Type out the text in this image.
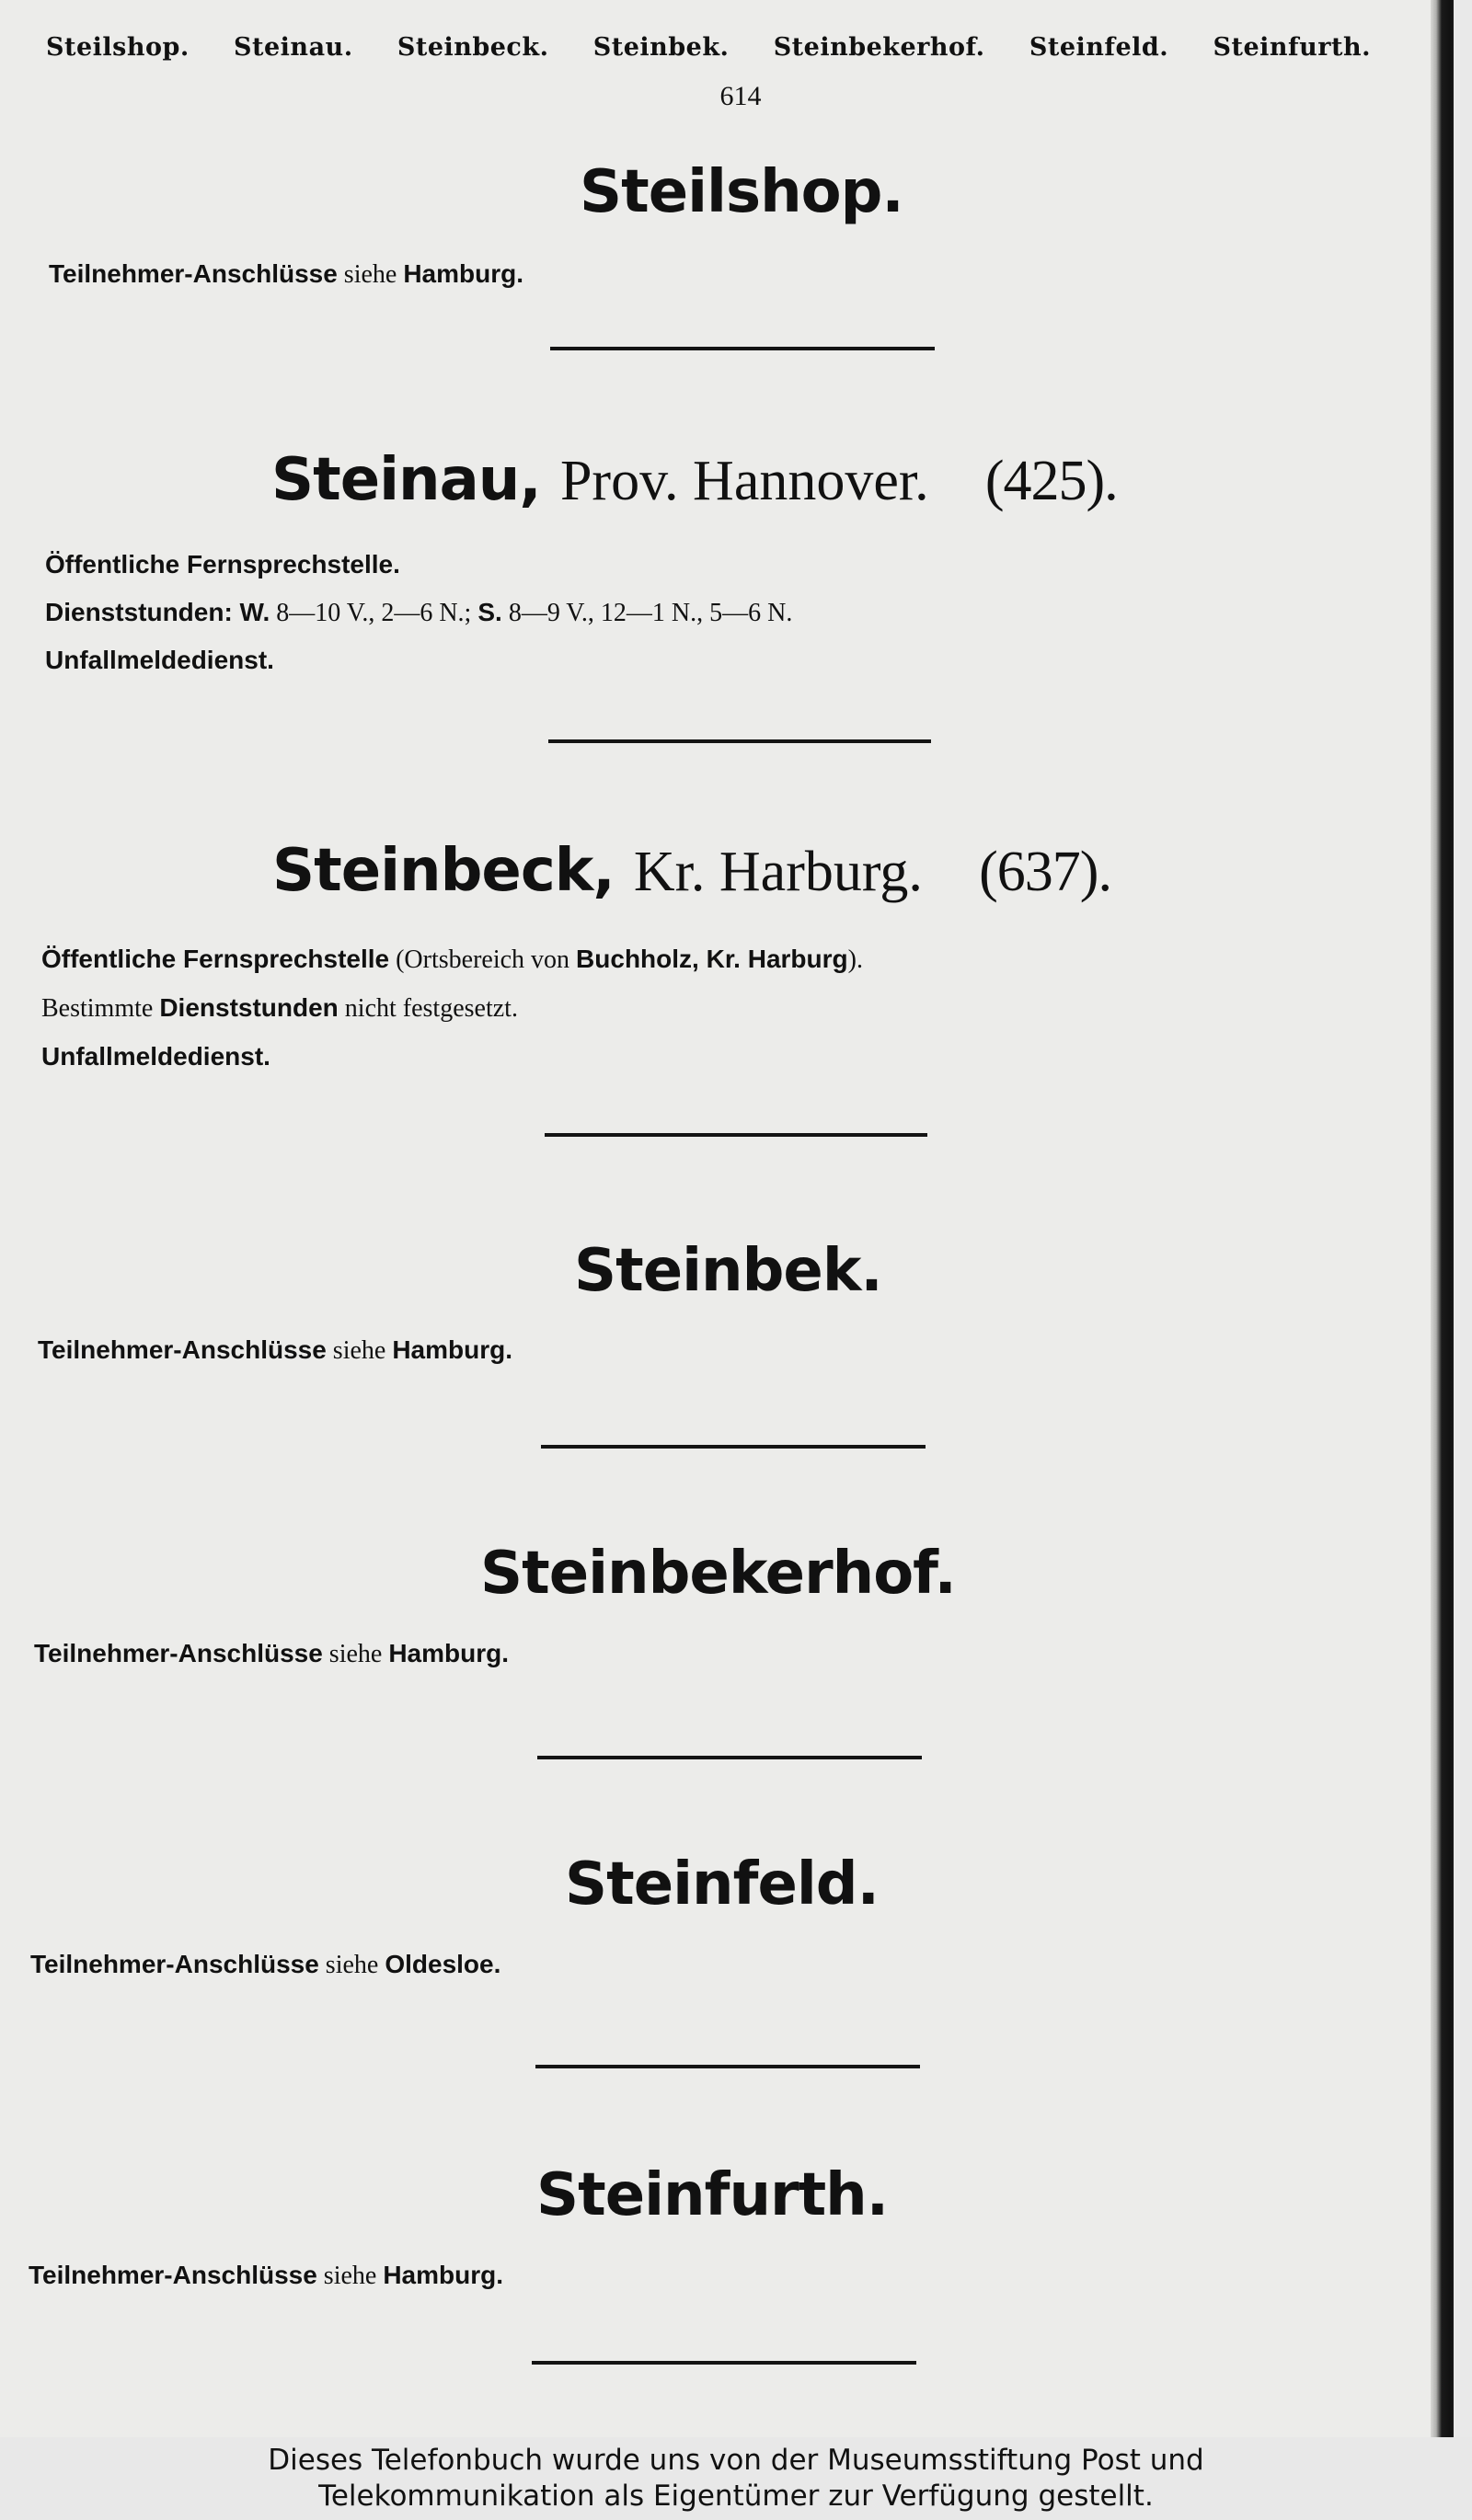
Steilshop. Steinau. Steinbeck. Steinbek. Steinbekerhof. Steinfeld. Steinfurth.
614
Steilshop.
Teilnehmer-Anschlüsse siehe Hamburg.
Steinau, Prov. Hannover. (425).
Öffentliche Fernsprechstelle.
Dienststunden: W. 8—10 V., 2—6 N.; S. 8—9 V., 12—1 N., 5—6 N.
Unfallmeldedienst.
Steinbeck, Kr. Harburg. (637).
Öffentliche Fernsprechstelle (Ortsbereich von Buchholz, Kr. Harburg).
Bestimmte Dienststunden nicht festgesetzt.
Unfallmeldedienst.
Steinbek.
Teilnehmer-Anschlüsse siehe Hamburg.
Steinbekerhof.
Teilnehmer-Anschlüsse siehe Hamburg.
Steinfeld.
Teilnehmer-Anschlüsse siehe Oldesloe.
Steinfurth.
Teilnehmer-Anschlüsse siehe Hamburg.
Dieses Telefonbuch wurde uns von der Museumsstiftung Post und
Telekommunikation als Eigentümer zur Verfügung gestellt.
